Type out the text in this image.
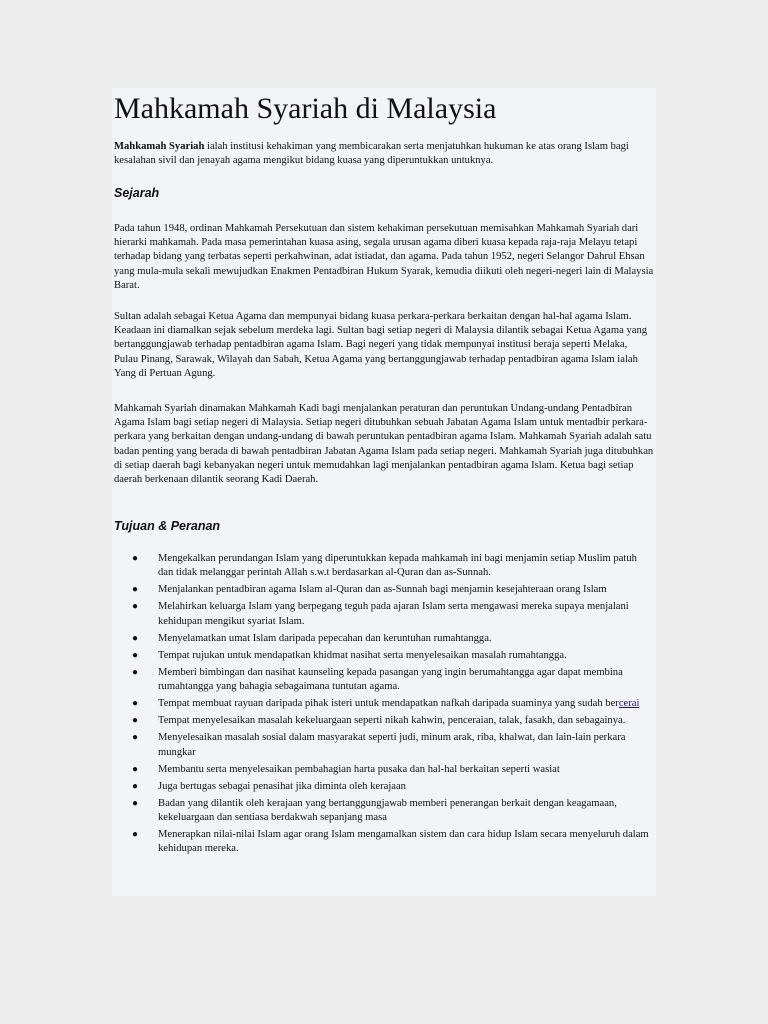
Mahkamah Syariah di Malaysia

Mahkamah Syariah ialah institusi kehakiman yang membicarakan serta menjatuhkan hukuman ke atas orang Islam bagi kesalahan sivil dan jenayah agama mengikut bidang kuasa yang diperuntukkan untuknya.

Sejarah

Pada tahun 1948, ordinan Mahkamah Persekutuan dan sistem kehakiman persekutuan memisahkan Mahkamah Syariah dari hierarki mahkamah. Pada masa pemerintahan kuasa asing, segala urusan agama diberi kuasa kepada raja-raja Melayu tetapi terhadap bidang yang terbatas seperti perkahwinan, adat istiadat, dan agama. Pada tahun 1952, negeri Selangor Dahrul Ehsan yang mula-mula sekali mewujudkan Enakmen Pentadbiran Hukum Syarak, kemudia diikuti oleh negeri-negeri lain di Malaysia Barat.

Sultan adalah sebagai Ketua Agama dan mempunyai bidang kuasa perkara-perkara berkaitan dengan hal-hal agama Islam. Keadaan ini diamalkan sejak sebelum merdeka lagi. Sultan bagi setiap negeri di Malaysia dilantik sebagai Ketua Agama yang bertanggungjawab terhadap pentadbiran agama Islam. Bagi negeri yang tidak mempunyai institusi beraja seperti Melaka, Pulau Pinang, Sarawak, Wilayah dan Sabah, Ketua Agama yang bertanggungjawab terhadap pentadbiran agama Islam ialah Yang di Pertuan Agung.

Mahkamah Syariah dinamakan Mahkamah Kadi bagi menjalankan peraturan dan peruntukan Undang-undang Pentadbiran Agama Islam bagi setiap negeri di Malaysia. Setiap negeri ditubuhkan sebuah Jabatan Agama Islam untuk mentadbir perkara-perkara yang berkaitan dengan undang-undang di bawah peruntukan pentadbiran agama Islam. Mahkamah Syariah adalah satu badan penting yang berada di bawah pentadbiran Jabatan Agama Islam pada setiap negeri. Mahkamah Syariah juga ditubuhkan di setiap daerah bagi kebanyakan negeri untuk memudahkan lagi menjalankan pentadbiran agama Islam. Ketua bagi setiap daerah berkenaan dilantik seorang Kadi Daerah.

Tujuan & Peranan
● Mengekalkan perundangan Islam yang diperuntukkan kepada mahkamah ini bagi menjamin setiap Muslim patuh dan tidak melanggar perintah Allah s.w.t berdasarkan al-Quran dan as-Sunnah.
● Menjalankan pentadbiran agama Islam al-Quran dan as-Sunnah bagi menjamin kesejahteraan orang Islam
● Melahirkan keluarga Islam yang berpegang teguh pada ajaran Islam serta mengawasi mereka supaya menjalani kehidupan mengikut syariat Islam.
● Menyelamatkan umat Islam daripada pepecahan dan keruntuhan rumahtangga.
● Tempat rujukan untuk mendapatkan khidmat nasihat serta menyelesaikan masalah rumahtangga.
● Memberi bimbingan dan nasihat kaunseling kepada pasangan yang ingin berumahtangga agar dapat membina rumahtangga yang bahagia sebagaimana tuntutan agama.
● Tempat membuat rayuan daripada pihak isteri untuk mendapatkan nafkah daripada suaminya yang sudah bercerai
● Tempat menyelesaikan masalah kekeluargaan seperti nikah kahwin, penceraian, talak, fasakh, dan sebagainya.
● Menyelesaikan masalah sosial dalam masyarakat seperti judi, minum arak, riba, khalwat, dan lain-lain perkara mungkar
● Membantu serta menyelesaikan pembahagian harta pusaka dan hal-hal berkaitan seperti wasiat
● Juga bertugas sebagai penasihat jika diminta oleh kerajaan
● Badan yang dilantik oleh kerajaan yang bertanggungjawab memberi penerangan berkait dengan keagamaan, kekeluargaan dan sentiasa berdakwah sepanjang masa
● Menerapkan nilai-nilai Islam agar orang Islam mengamalkan sistem dan cara hidup Islam secara menyeluruh dalam kehidupan mereka.
